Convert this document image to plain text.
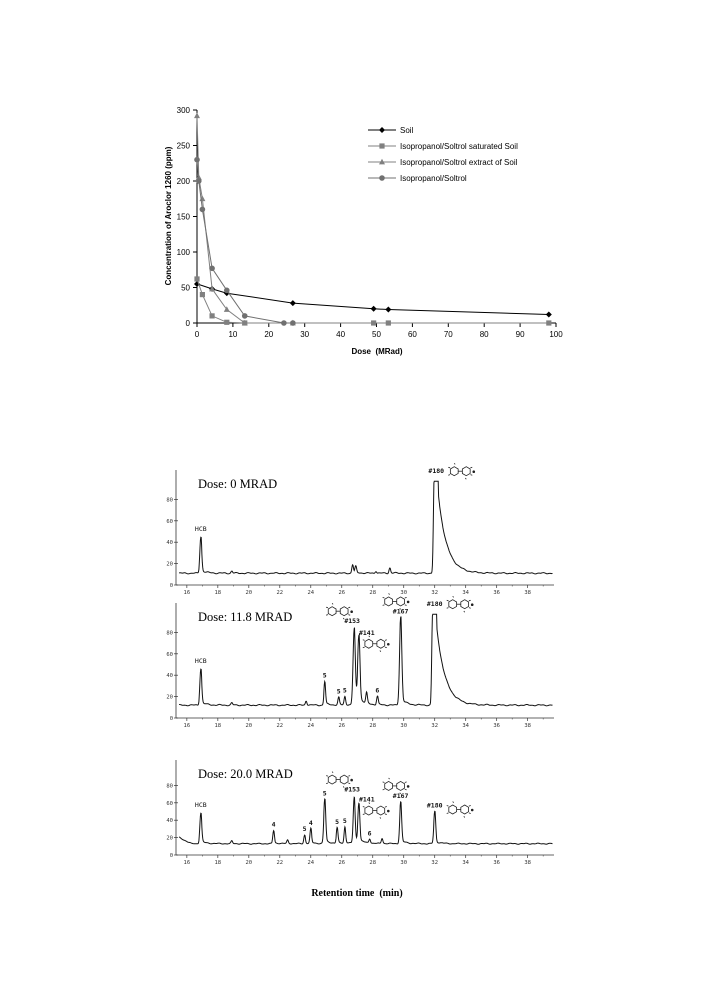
0
50
100
150
200
250
300
0	10	20	30	40	50	60	70	80	90	100
Concentration of Aroclor 1260 (ppm)
Dose  (MRad)
Soil
Isopropanol/Soltrol saturated Soil
Isopropanol/Soltrol extract of Soil
Isopropanol/Soltrol
0
20
40
60
80
16	18	20	22	24	26	28	30	32	34	36	38
HCB
#180
Dose: 0 MRAD
0
20
40
60
80
16	18	20	22	24	26	28	30	32	34	36	38
HCB
5
5 5
#153
#141
6
#167
#180
Dose: 11.8 MRAD
0
20
40
60
80
16	18	20	22	24	26	28	30	32	34	36	38
HCB
4
5
4
5
5 5
#153
#141
6
#167
#180
Dose: 20.0 MRAD
Retention time  (min)
